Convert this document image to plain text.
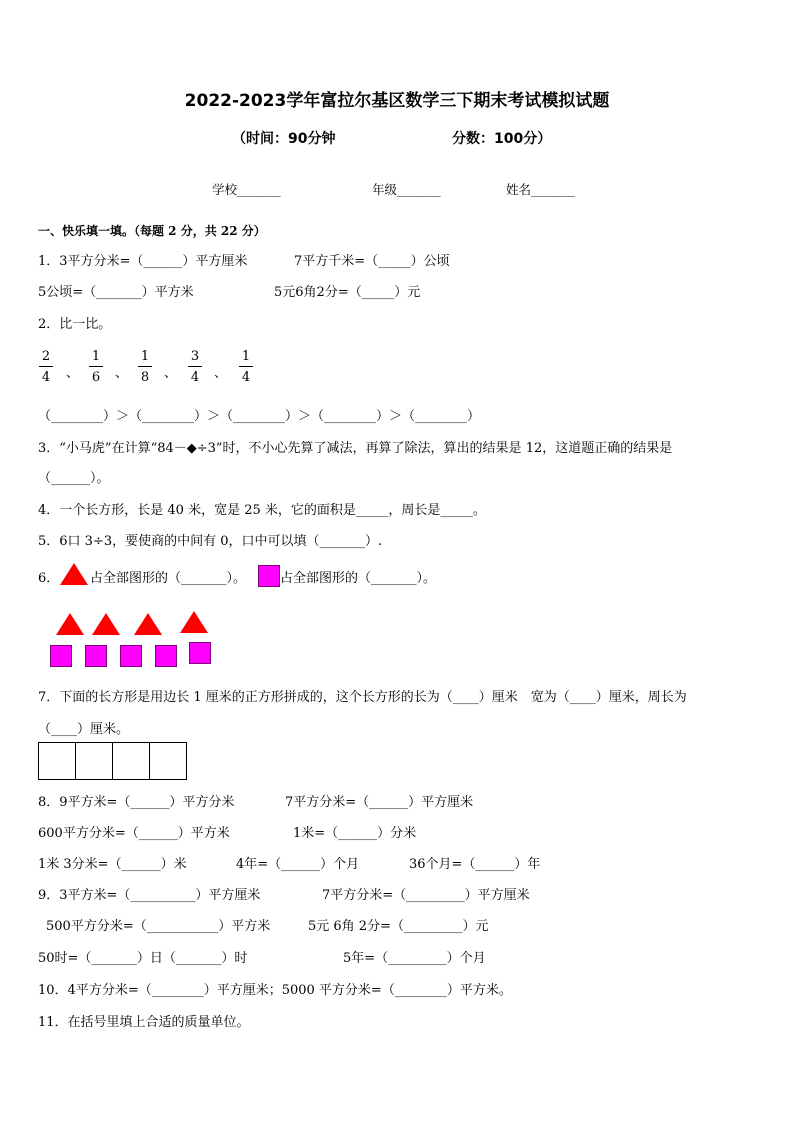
2022-2023学年富拉尔基区数学三下期末考试模拟试题
（时间：90分钟	分数：100分）
学校_______	年级_______	姓名_______
一、快乐填一填。（每题 2 分，共 22 分）
1．3平方分米=（______）平方厘米	7平方千米=（_____）公顷
5公顷=（_______）平方米	5元6角2分=（_____）元
2．比一比。
2
4 、
1
6 、
1
8 、
3
4 、
1
4
（________）＞（________）＞（________）＞（________）＞（________）
3．“小马虎”在计算“84－◆÷3”时，不小心先算了减法，再算了除法，算出的结果是 12，这道题正确的结果是
（______）。
4．一个长方形，长是 40 米，宽是 25 米，它的面积是_____，周长是_____。
5．6口 3÷3，要使商的中间有 0，口中可以填（_______）.
6． 占全部图形的（_______）。	占全部图形的（_______）。
7．下面的长方形是用边长 1 厘米的正方形拼成的，这个长方形的长为（____）厘米　宽为（____）厘米，周长为
（____）厘米。
8．9平方米=（______）平方分米	7平方分米=（______）平方厘米
600平方分米=（______）平方米	1米=（______）分米
1米 3分米=（______）米	4年=（______）个月	36个月=（______）年
9．3平方米=（__________）平方厘米	7平方分米=（_________）平方厘米
500平方分米=（___________）平方米	5元 6角 2分=（_________）元
50时=（_______）日（_______）时	5年=（_________）个月
10．4平方分米=（________）平方厘米；5000 平方分米=（________）平方米。
11．在括号里填上合适的质量单位。
